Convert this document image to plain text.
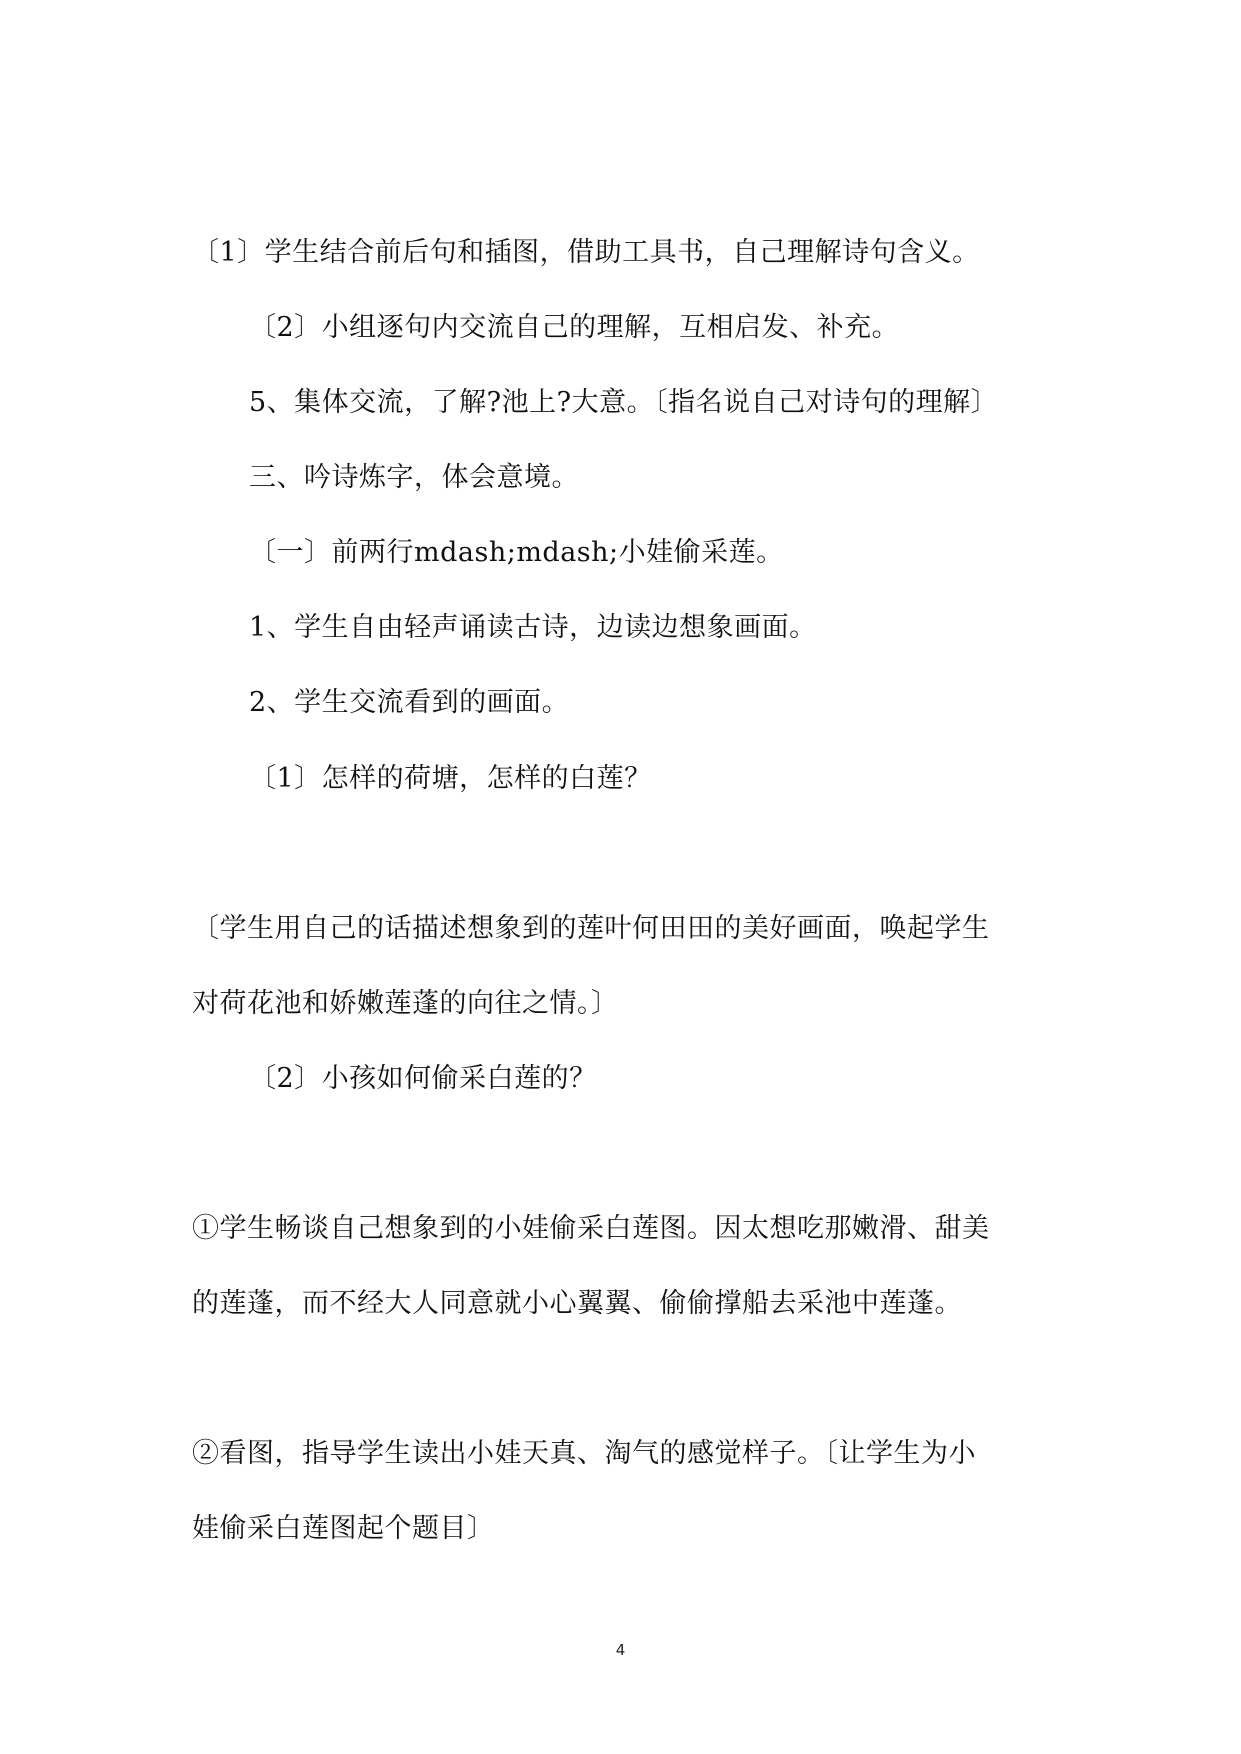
〔1〕学生结合前后句和插图，借助工具书，自己理解诗句含义。
〔2〕小组逐句内交流自己的理解，互相启发、补充。
5、集体交流，了解?池上?大意。〔指名说自己对诗句的理解〕
三、吟诗炼字，体会意境。
〔一〕前两行mdash;mdash;小娃偷采莲。
1、学生自由轻声诵读古诗，边读边想象画面。
2、学生交流看到的画面。
〔1〕怎样的荷塘，怎样的白莲？
〔学生用自己的话描述想象到的莲叶何田田的美好画面，唤起学生
对荷花池和娇嫩莲蓬的向往之情。〕
〔2〕小孩如何偷采白莲的？
①学生畅谈自己想象到的小娃偷采白莲图。因太想吃那嫩滑、甜美
的莲蓬，而不经大人同意就小心翼翼、偷偷撑船去采池中莲蓬。
②看图，指导学生读出小娃天真、淘气的感觉样子。〔让学生为小
娃偷采白莲图起个题目〕
4
